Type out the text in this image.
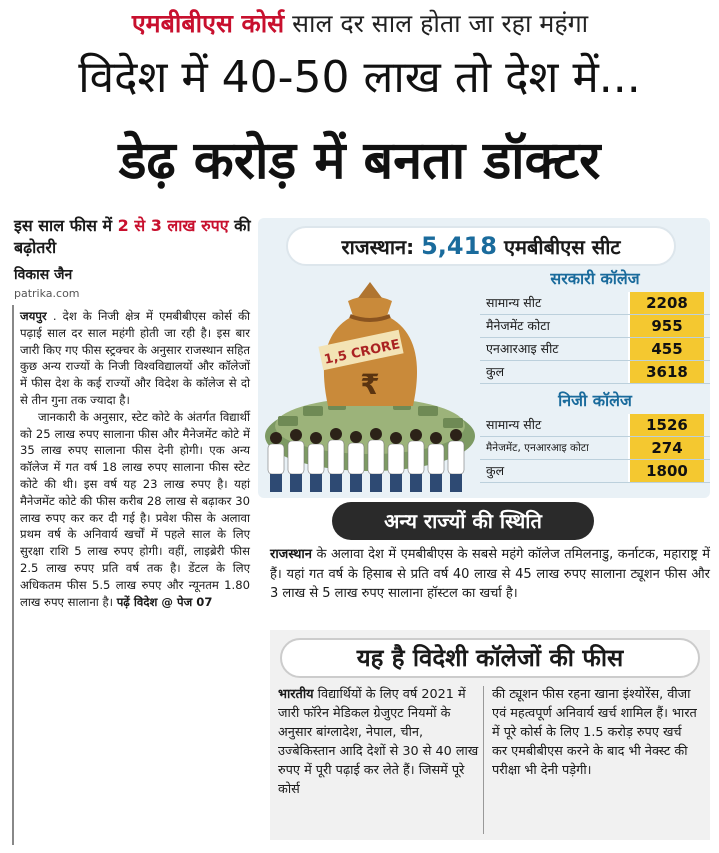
एमबीबीएस कोर्स साल दर साल होता जा रहा महंगा
विदेश में 40-50 लाख तो देश में...
डेढ़ करोड़ में बनता डॉक्टर
इस साल फीस में 2 से 3 लाख रुपए की बढ़ोतरी
विकास जैन
patrika.com

जयपुर . देश के निजी क्षेत्र में एमबीबीएस कोर्स की पढ़ाई साल दर साल महंगी होती जा रही है। इस बार जारी किए गए फीस स्ट्रक्चर के अनुसार राजस्थान सहित कुछ अन्य राज्यों के निजी विश्वविद्यालयों और कॉलेजों में फीस देश के कई राज्यों और विदेश के कॉलेज से दो से तीन गुना तक ज्यादा है।

जानकारी के अनुसार, स्टेट कोटे के अंतर्गत विद्यार्थी को 25 लाख रुपए सालाना फीस और मैनेजमेंट कोटे में 35 लाख रुपए सालाना फीस देनी होगी। एक अन्य कॉलेज में गत वर्ष 18 लाख रुपए सालाना फीस स्टेट कोटे की थी। इस वर्ष यह 23 लाख रुपए है। यहां मैनेजमेंट कोटे की फीस करीब 28 लाख से बढ़ाकर 30 लाख रुपए कर कर दी गई है। प्रवेश फीस के अलावा प्रथम वर्ष के अनिवार्य खर्चों में पहले साल के लिए सुरक्षा राशि 5 लाख रुपए होगी। वहीं, लाइब्रेरी फीस 2.5 लाख रुपए प्रति वर्ष तक है। डेंटल के लिए अधिकतम फीस 5.5 लाख रुपए और न्यूनतम 1.80 लाख रुपए सालाना है। पढ़ें विदेश @ पेज 07

राजस्थान: 5,418 एमबीबीएस सीट
1,5 CRORE
₹
सरकारी कॉलेज
सामान्य सीट	2208
मैनेजमेंट कोटा	955
एनआरआइ सीट	455
कुल	3618
निजी कॉलेज
सामान्य सीट	1526
मैनेजमेंट, एनआरआइ कोटा	274
कुल	1800
अन्य राज्यों की स्थिति
राजस्थान के अलावा देश में एमबीबीएस के सबसे महंगे कॉलेज तमिलनाडु, कर्नाटक, महाराष्ट्र में हैं। यहां गत वर्ष के हिसाब से प्रति वर्ष 40 लाख से 45 लाख रुपए सालाना ट्यूशन फीस और 3 लाख से 5 लाख रुपए सालाना हॉस्टल का खर्चा है।
यह है विदेशी कॉलेजों की फीस
भारतीय विद्यार्थियों के लिए वर्ष 2021 में जारी फॉरेन मेडिकल ग्रेजुएट नियमों के अनुसार बांग्लादेश, नेपाल, चीन, उज्बेकिस्तान आदि देशों से 30 से 40 लाख रुपए में पूरी पढ़ाई कर लेते हैं। जिसमें पूरे कोर्स
की ट्यूशन फीस रहना खाना इंश्योरेंस, वीजा एवं महत्वपूर्ण अनिवार्य खर्च शामिल हैं। भारत में पूरे कोर्स के लिए 1.5 करोड़ रुपए खर्च कर एमबीबीएस करने के बाद भी नेक्स्ट की परीक्षा भी देनी पड़ेगी।
